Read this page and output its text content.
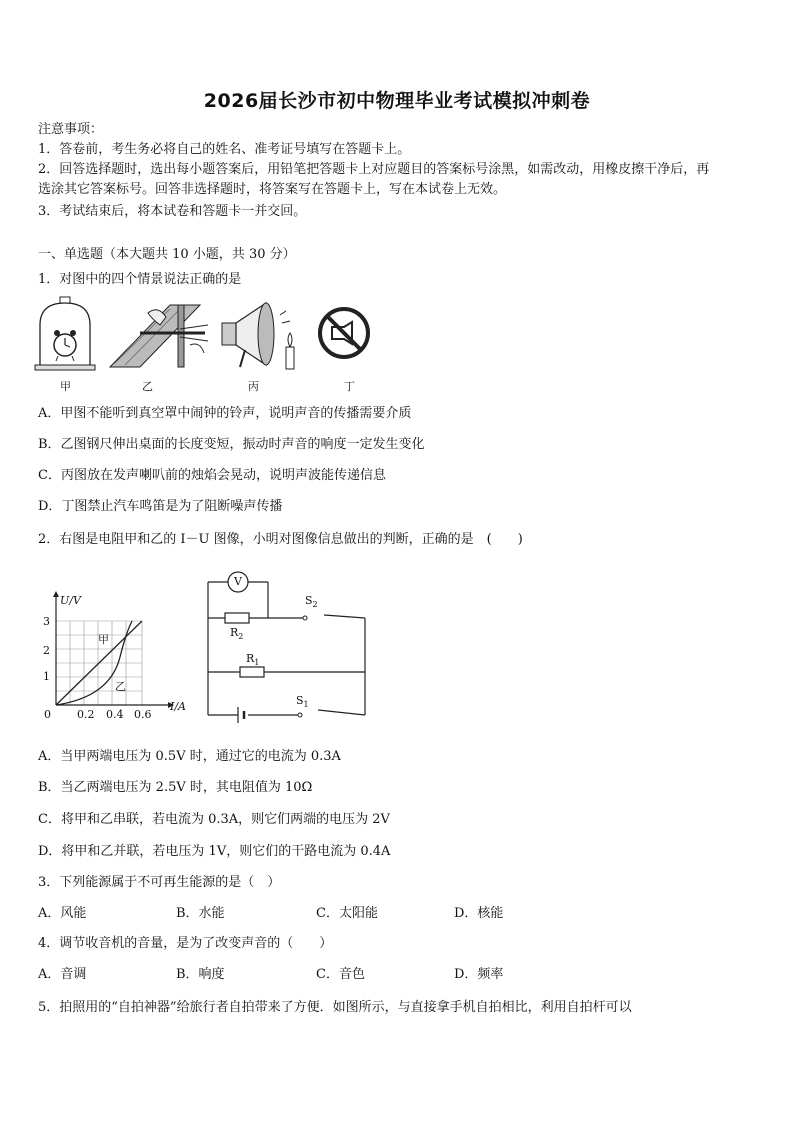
2026届长沙市初中物理毕业考试模拟冲刺卷
注意事项：
1．答卷前，考生务必将自己的姓名、准考证号填写在答题卡上。
2．回答选择题时，选出每小题答案后，用铅笔把答题卡上对应题目的答案标号涂黑，如需改动，用橡皮擦干净后，再
选涂其它答案标号。回答非选择题时，将答案写在答题卡上，写在本试卷上无效。
3．考试结束后，将本试卷和答题卡一并交回。
一、单选题（本大题共 10 小题，共 30 分）
1．对图中的四个情景说法正确的是
甲	乙	丙	丁
A．甲图不能听到真空罩中闹钟的铃声，说明声音的传播需要介质
B．乙图钢尺伸出桌面的长度变短，振动时声音的响度一定发生变化
C．丙图放在发声喇叭前的烛焰会晃动，说明声波能传递信息
D．丁图禁止汽车鸣笛是为了阻断噪声传播
2．右图是电阻甲和乙的 I－U 图像，小明对图像信息做出的判断，正确的是　(　　)
U/V
I/A
0 0.2 0.4 0.6
1
2
3
甲
乙
V
$S_2$
$R_2$
$R_1$
$S_1$
A．当甲两端电压为 0.5V 时，通过它的电流为 0.3A
B．当乙两端电压为 2.5V 时，其电阻值为 10Ω
C．将甲和乙串联，若电流为 0.3A，则它们两端的电压为 2V
D．将甲和乙并联，若电压为 1V，则它们的干路电流为 0.4A
3．下列能源属于不可再生能源的是（　）
A．风能	B．水能	C．太阳能	D．核能
4．调节收音机的音量，是为了改变声音的（　　）
A．音调	B．响度	C．音色	D．频率
5．拍照用的“自拍神器”给旅行者自拍带来了方便．如图所示，与直接拿手机自拍相比，利用自拍杆可以
